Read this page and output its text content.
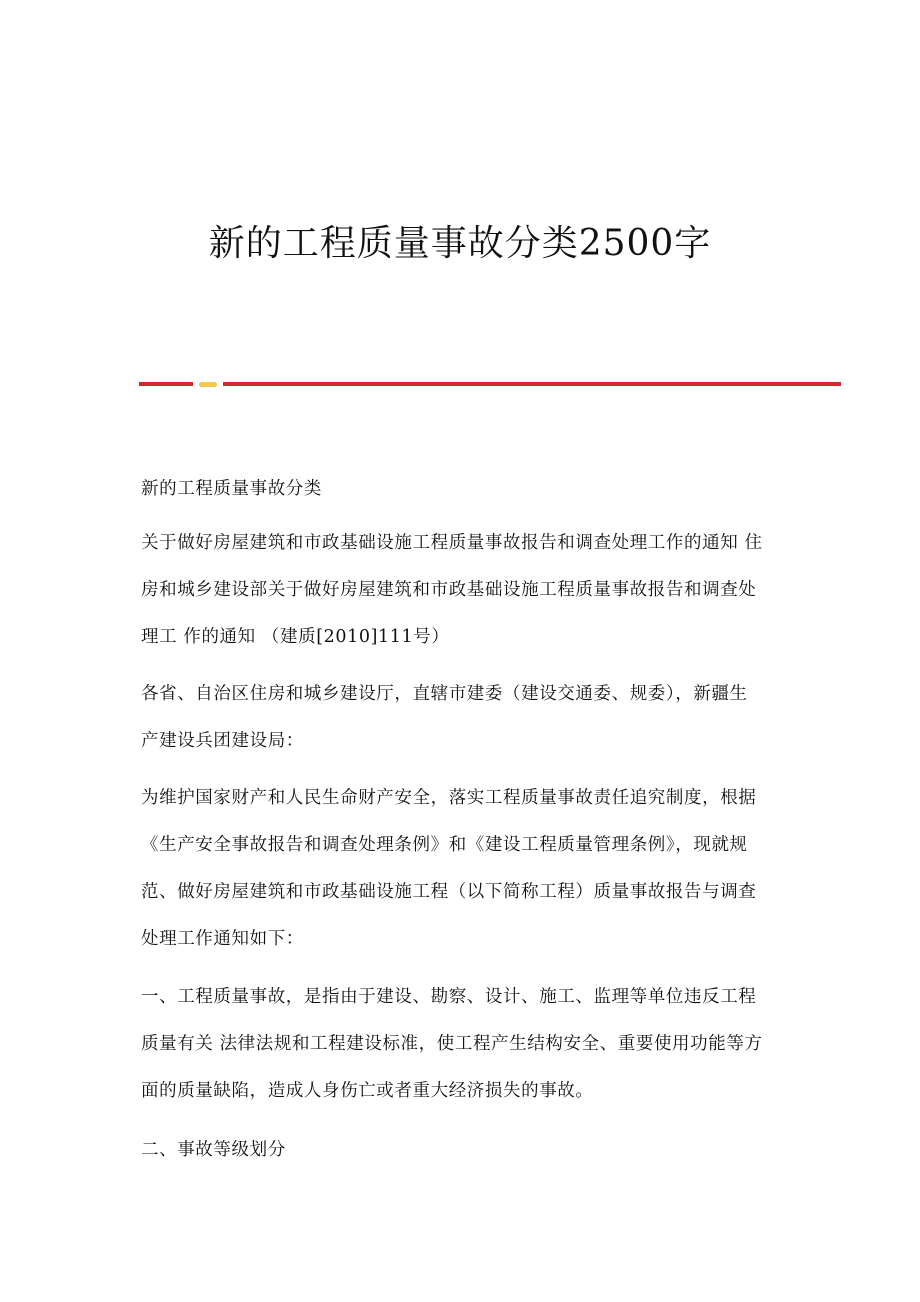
新的工程质量事故分类2500字
新的工程质量事故分类
关于做好房屋建筑和市政基础设施工程质量事故报告和调查处理工作的通知 住
房和城乡建设部关于做好房屋建筑和市政基础设施工程质量事故报告和调查处
理工 作的通知 （建质[2010]111号）
各省、自治区住房和城乡建设厅，直辖市建委（建设交通委、规委），新疆生
产建设兵团建设局：
为维护国家财产和人民生命财产安全，落实工程质量事故责任追究制度，根据
《生产安全事故报告和调查处理条例》和《建设工程质量管理条例》，现就规
范、做好房屋建筑和市政基础设施工程（以下简称工程）质量事故报告与调查
处理工作通知如下：
一、工程质量事故，是指由于建设、勘察、设计、施工、监理等单位违反工程
质量有关 法律法规和工程建设标准，使工程产生结构安全、重要使用功能等方
面的质量缺陷，造成人身伤亡或者重大经济损失的事故。
二、事故等级划分
